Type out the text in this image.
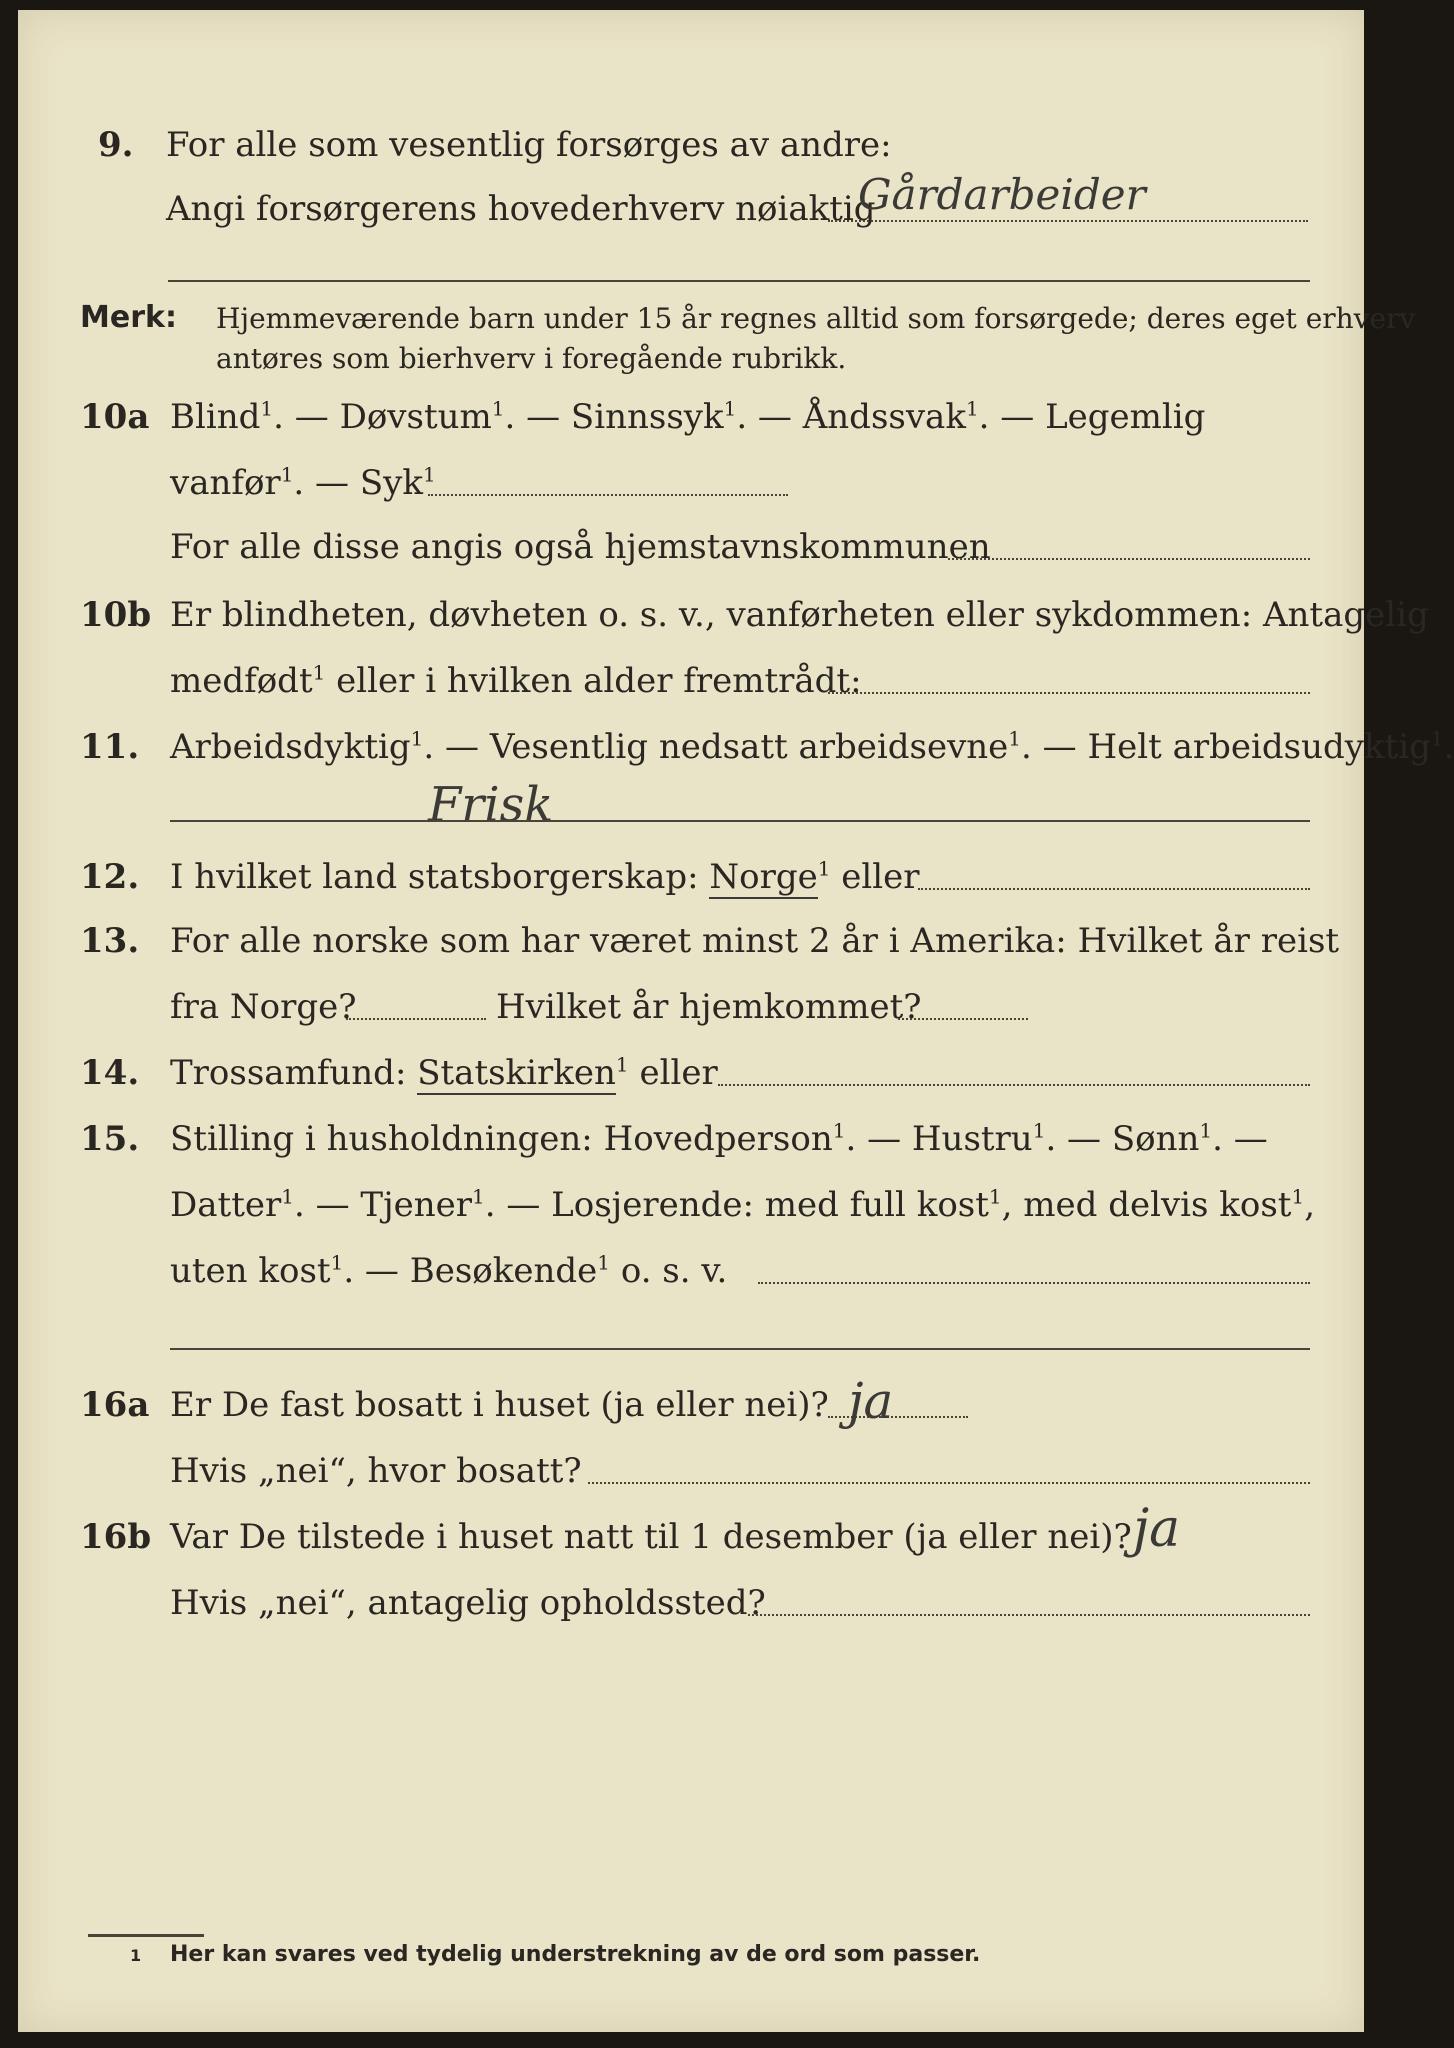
9. For alle som vesentlig forsørges av andre:
Angi forsørgerens hovederhverv nøiaktig
Gårdarbeider
Merk: Hjemmeværende barn under 15 år regnes alltid som forsørgede; deres eget erhverv
antøres som bierhverv i foregående rubrikk.
10a Blind$^1$. — Døvstum$^1$. — Sinnssyk$^1$. — Åndssvak$^1$. — Legemlig
vanfør$^1$. — Syk$^1$
For alle disse angis også hjemstavnskommunen
10b Er blindheten, døvheten o. s. v., vanførheten eller sykdommen: Antagelig
medfødt$^1$ eller i hvilken alder fremtrådt:
11. Arbeidsdyktig$^1$. — Vesentlig nedsatt arbeidsevne$^1$. — Helt arbeidsudyktig$^1$.
Frisk
12. I hvilket land statsborgerskap: Norge$^1$ eller
13. For alle norske som har været minst 2 år i Amerika: Hvilket år reist
fra Norge?	Hvilket år hjemkommet?
14. Trossamfund: Statskirken$^1$ eller
15. Stilling i husholdningen: Hovedperson$^1$. — Hustru$^1$. — Sønn$^1$. —
Datter$^1$. — Tjener$^1$. — Losjerende: med full kost$^1$, med delvis kost$^1$,
uten kost$^1$. — Besøkende$^1$ o. s. v.
16a Er De fast bosatt i huset (ja eller nei)? ja
Hvis „nei“, hvor bosatt?
16b Var De tilstede i huset natt til 1 desember (ja eller nei)? ja
Hvis „nei“, antagelig opholdssted?
1 Her kan svares ved tydelig understrekning av de ord som passer.
